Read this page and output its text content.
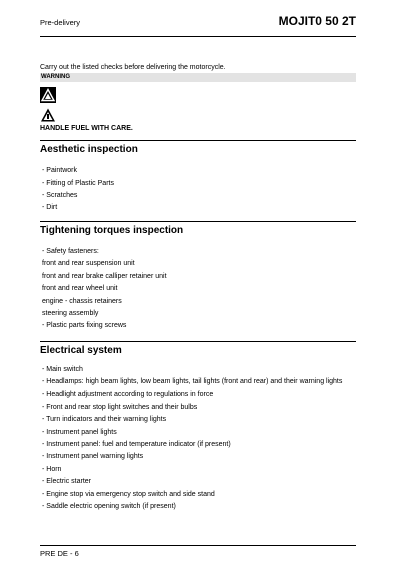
Pre-delivery	MOJIT0 50 2T
Carry out the listed checks before delivering the motorcycle.
WARNING
HANDLE FUEL WITH CARE.
Aesthetic inspection
- Paintwork
- Fitting of Plastic Parts
- Scratches
- Dirt
Tightening torques inspection
- Safety fasteners:
front and rear suspension unit
front and rear brake calliper retainer unit
front and rear wheel unit
engine - chassis retainers
steering assembly
- Plastic parts fixing screws
Electrical system
- Main switch
- Headlamps: high beam lights, low beam lights, tail lights (front and rear) and their warning lights
- Headlight adjustment according to regulations in force
- Front and rear stop light switches and their bulbs
- Turn indicators and their warning lights
- Instrument panel lights
- Instrument panel: fuel and temperature indicator (if present)
- Instrument panel warning lights
- Horn
- Electric starter
- Engine stop via emergency stop switch and side stand
- Saddle electric opening switch (if present)
PRE DE - 6
